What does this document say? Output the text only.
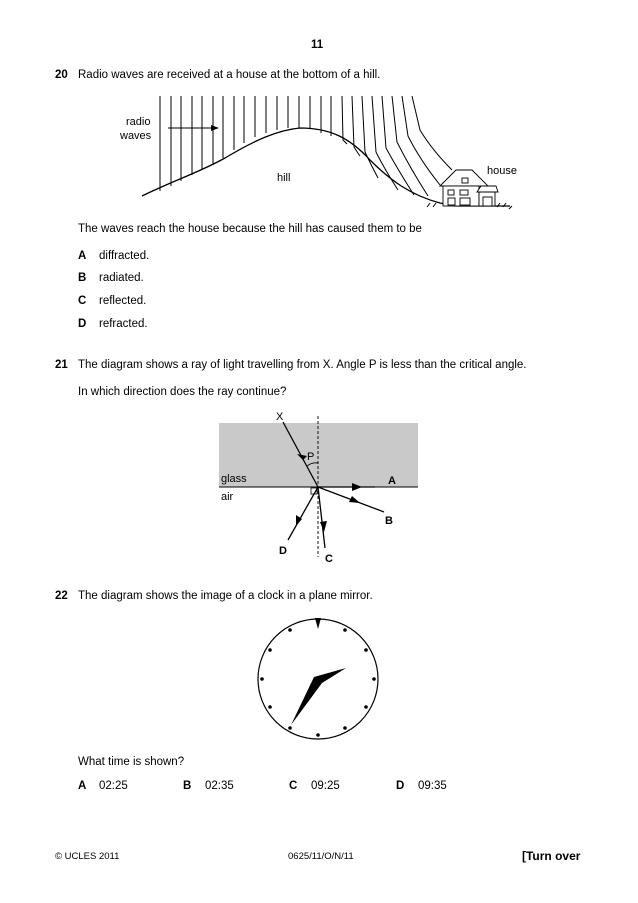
11
20 Radio waves are received at a house at the bottom of a hill.
radio
waves
hill
house
The waves reach the house because the hill has caused them to be
A diffracted.
B radiated.
C reflected.
D refracted.
21 The diagram shows a ray of light travelling from X. Angle P is less than the critical angle.
In which direction does the ray continue?
X
P
glass
air
A
B
C
D
22 The diagram shows the image of a clock in a plane mirror.
What time is shown?
A 02:25	B 02:35	C 09:25	D 09:35
© UCLES 2011	0625/11/O/N/11	[Turn over
